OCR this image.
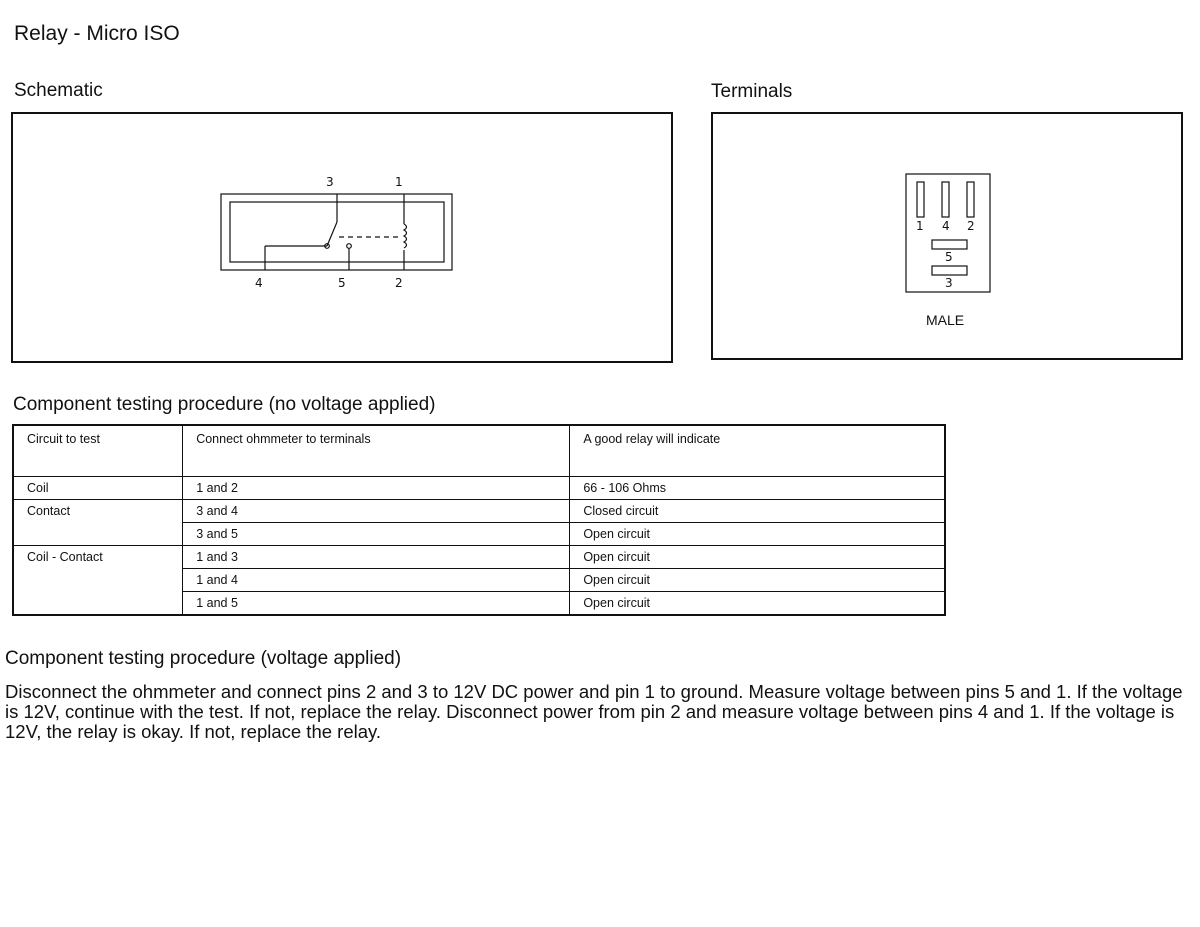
Relay - Micro ISO
Schematic	Terminals
3	1
4	5	2
1 4 2
5
3
MALE
Component testing procedure (no voltage applied)
Circuit to test	Connect ohmmeter to terminals	A good relay will indicate
Coil	1 and 2	66 - 106 Ohms
Contact	3 and 4	Closed circuit
	3 and 5	Open circuit
Coil - Contact	1 and 3	Open circuit
	1 and 4	Open circuit
	1 and 5	Open circuit
Component testing procedure (voltage applied)
Disconnect the ohmmeter and connect pins 2 and 3 to 12V DC power and pin 1 to ground. Measure voltage between pins 5 and 1. If the voltage is 12V, continue with the test. If not, replace the relay. Disconnect power from pin 2 and measure voltage between pins 4 and 1. If the voltage is 12V, the relay is okay. If not, replace the relay.
